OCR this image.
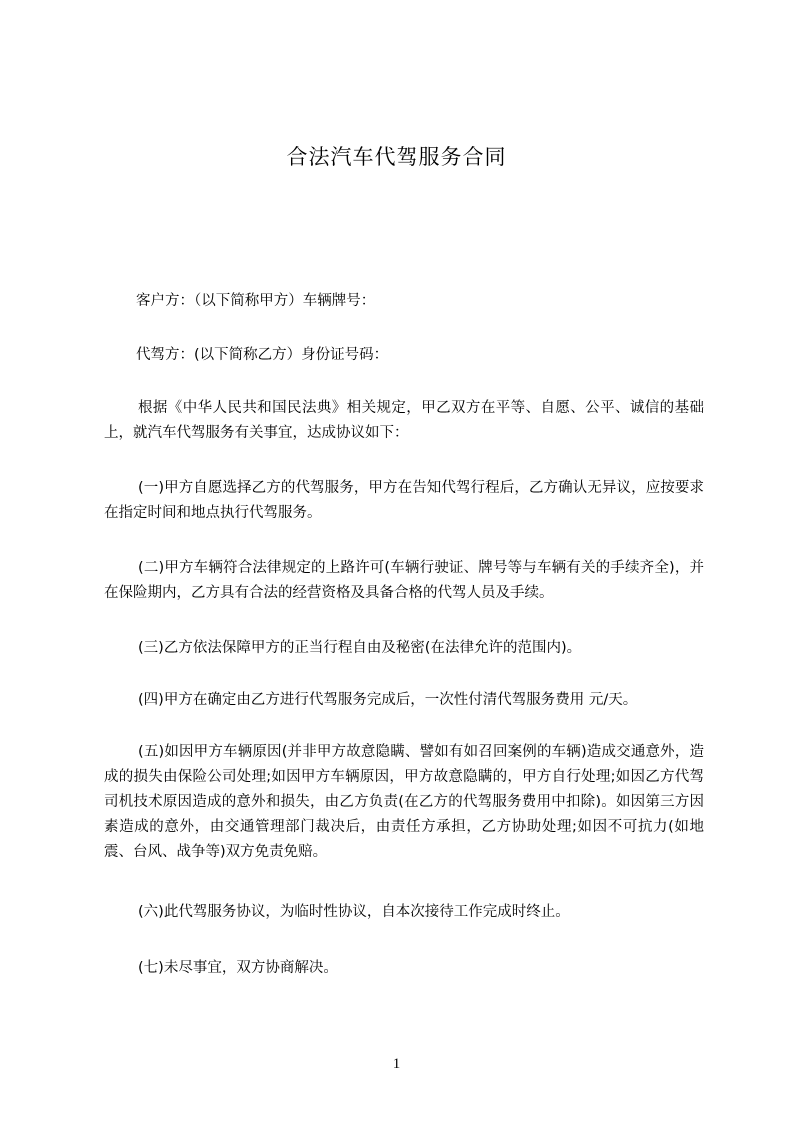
合法汽车代驾服务合同
客户方：（以下简称甲方）车辆牌号：
代驾方：(以下简称乙方）身份证号码：
根据《中华人民共和国民法典》相关规定，甲乙双方在平等、自愿、公平、诚信的基础上，就汽车代驾服务有关事宜，达成协议如下：
(一)甲方自愿选择乙方的代驾服务，甲方在告知代驾行程后，乙方确认无异议，应按要求在指定时间和地点执行代驾服务。
(二)甲方车辆符合法律规定的上路许可(车辆行驶证、牌号等与车辆有关的手续齐全)，并在保险期内，乙方具有合法的经营资格及具备合格的代驾人员及手续。
(三)乙方依法保障甲方的正当行程自由及秘密(在法律允许的范围内)。
(四)甲方在确定由乙方进行代驾服务完成后，一次性付清代驾服务费用 元/天。
(五)如因甲方车辆原因(并非甲方故意隐瞒、譬如有如召回案例的车辆)造成交通意外，造成的损失由保险公司处理;如因甲方车辆原因，甲方故意隐瞒的，甲方自行处理;如因乙方代驾司机技术原因造成的意外和损失，由乙方负责(在乙方的代驾服务费用中扣除)。如因第三方因素造成的意外，由交通管理部门裁决后，由责任方承担，乙方协助处理;如因不可抗力(如地震、台风、战争等)双方免责免赔。
(六)此代驾服务协议，为临时性协议，自本次接待工作完成时终止。
(七)未尽事宜，双方协商解决。
1
